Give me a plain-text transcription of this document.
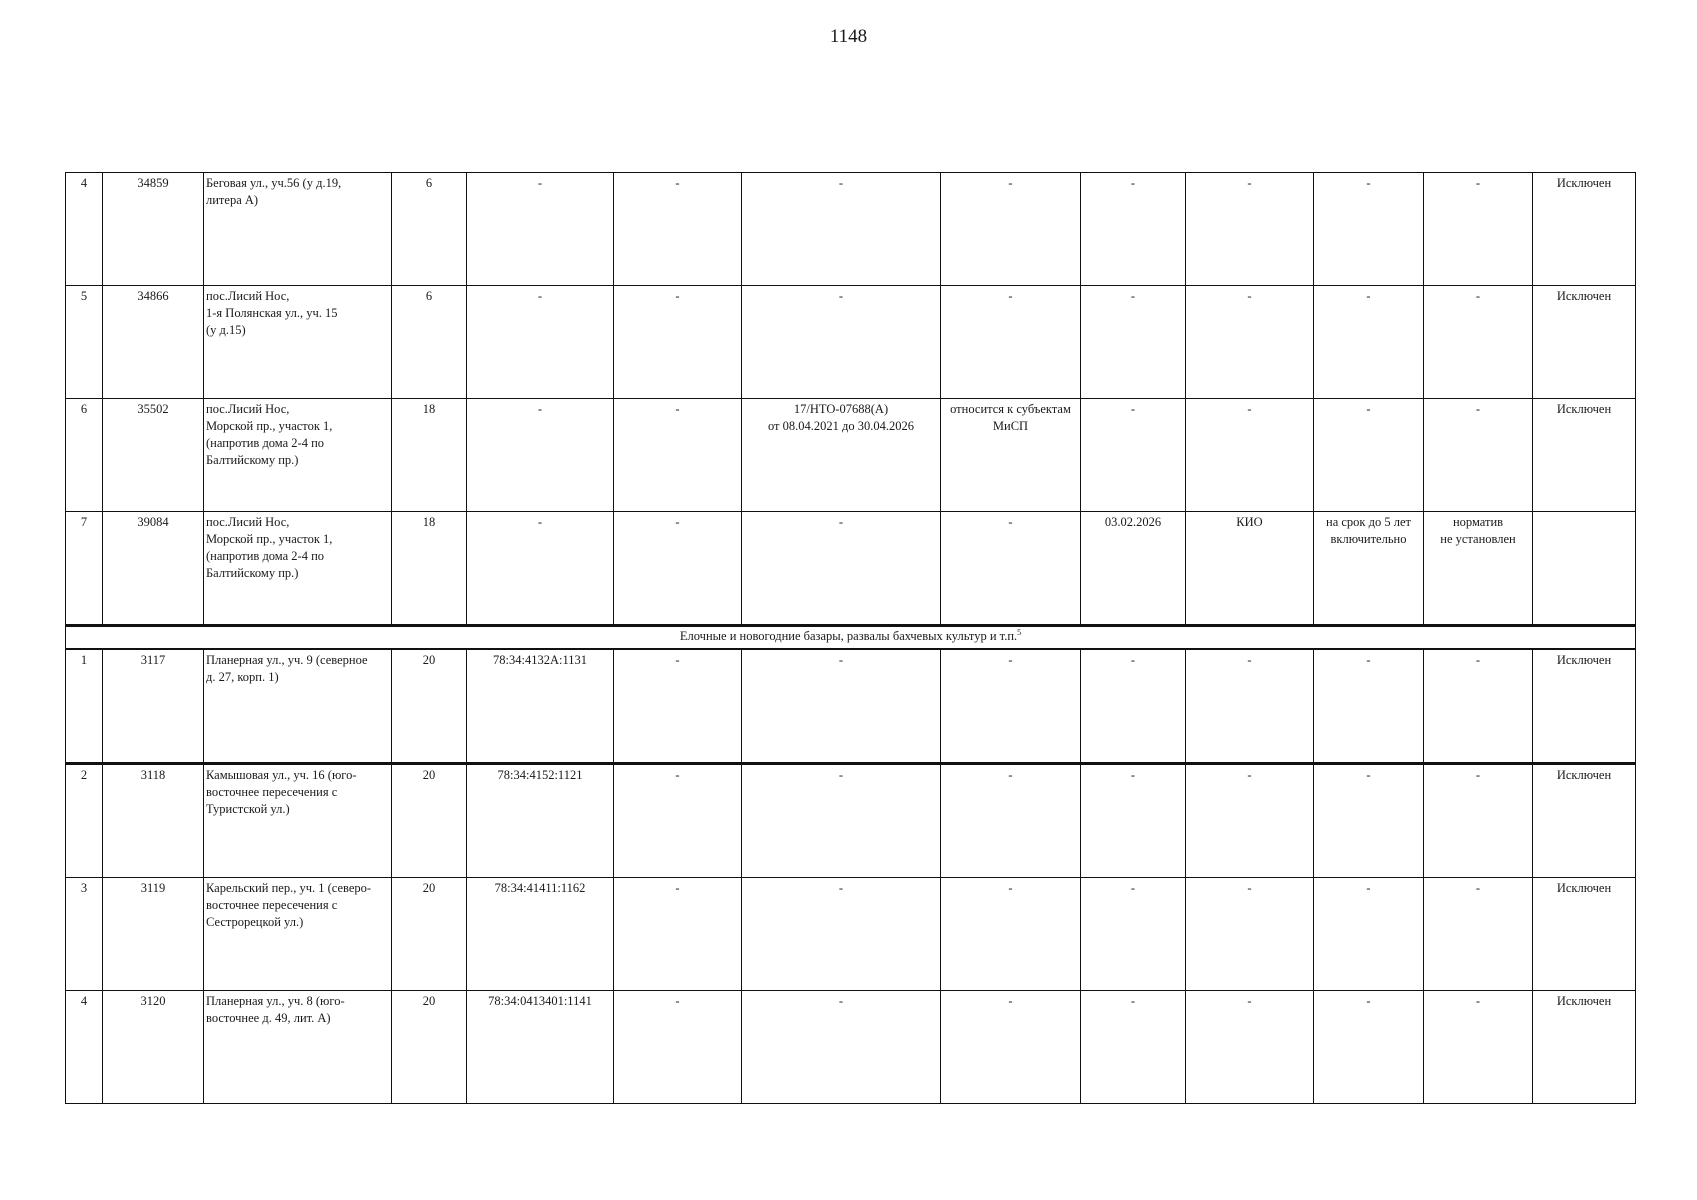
1148
4	34859	Беговая ул., уч.56 (у д.19,
литера А)	6	-	-	-	-	-	-	-	-	Исключен
5	34866	пос.Лисий Нос,
1-я Полянская ул., уч. 15
(у д.15)	6	-	-	-	-	-	-	-	-	Исключен
6	35502	пос.Лисий Нос,
Морской пр., участок 1,
(напротив дома 2-4 по
Балтийскому пр.)	18	-	-	17/НТО-07688(А)
от 08.04.2021 до 30.04.2026	относится к субъектам
МиСП	-	-	-	-	Исключен
7	39084	пос.Лисий Нос,
Морской пр., участок 1,
(напротив дома 2-4 по
Балтийскому пр.)	18	-	-	-	-	03.02.2026	КИО	на срок до 5 лет
включительно	норматив
не установлен	
Елочные и новогодние базары, развалы бахчевых культур и т.п.$^5$
1	3117	Планерная ул., уч. 9 (северное
д. 27, корп. 1)	20	78:34:4132А:1131	-	-	-	-	-	-	-	Исключен
2	3118	Камышовая ул., уч. 16 (юго-
восточнее пересечения с
Туристской ул.)	20	78:34:4152:1121	-	-	-	-	-	-	-	Исключен
3	3119	Карельский пер., уч. 1 (северо-
восточнее пересечения с
Сестрорецкой ул.)	20	78:34:41411:1162	-	-	-	-	-	-	-	Исключен
4	3120	Планерная ул., уч. 8 (юго-
восточнее д. 49, лит. А)	20	78:34:0413401:1141	-	-	-	-	-	-	-	Исключен
